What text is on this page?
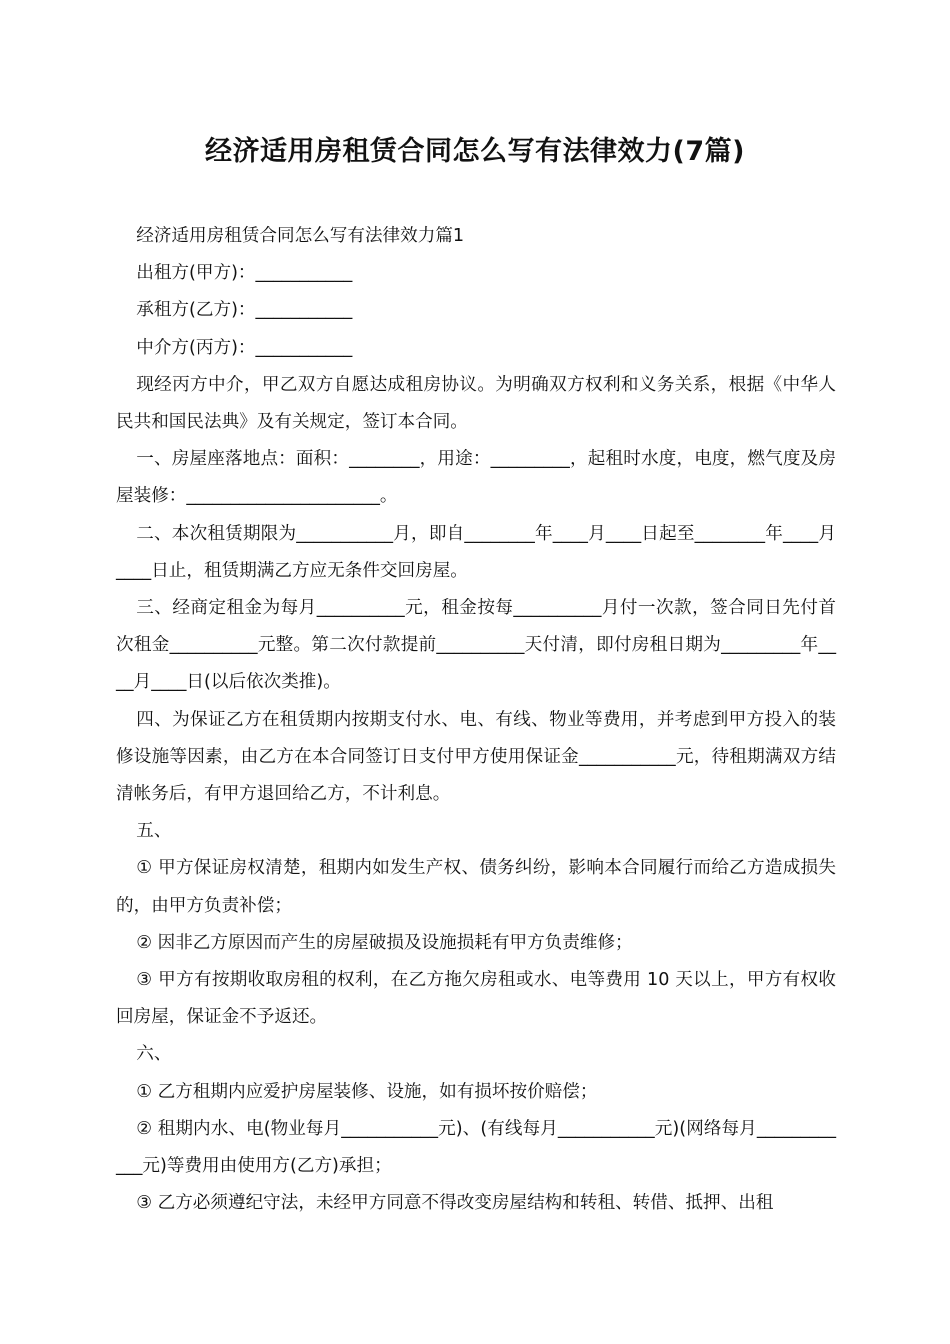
经济适用房租赁合同怎么写有法律效力(7篇)

经济适用房租赁合同怎么写有法律效力篇1

出租方(甲方)：___________

承租方(乙方)：___________

中介方(丙方)：___________

现经丙方中介，甲乙双方自愿达成租房协议。为明确双方权利和义务关系，根据《中华人民共和国民法典》及有关规定，签订本合同。

一、房屋座落地点：面积：________，用途：_________，起租时水度，电度，燃气度及房屋装修：______________________。

二、本次租赁期限为___________月，即自________年____月____日起至________年____月____日止，租赁期满乙方应无条件交回房屋。

三、经商定租金为每月__________元，租金按每__________月付一次款，签合同日先付首次租金__________元整。第二次付款提前__________天付清，即付房租日期为_________年____月____日(以后依次类推)。

四、为保证乙方在租赁期内按期支付水、电、有线、物业等费用，并考虑到甲方投入的装修设施等因素，由乙方在本合同签订日支付甲方使用保证金___________元，待租期满双方结清帐务后，有甲方退回给乙方，不计利息。

五、

① 甲方保证房权清楚，租期内如发生产权、债务纠纷，影响本合同履行而给乙方造成损失的，由甲方负责补偿；

② 因非乙方原因而产生的房屋破损及设施损耗有甲方负责维修；

③ 甲方有按期收取房租的权利，在乙方拖欠房租或水、电等费用 10 天以上，甲方有权收回房屋，保证金不予返还。

六、

① 乙方租期内应爱护房屋装修、设施，如有损坏按价赔偿；

② 租期内水、电(物业每月___________元)、(有线每月___________元)(网络每月____________元)等费用由使用方(乙方)承担；

③ 乙方必须遵纪守法，未经甲方同意不得改变房屋结构和转租、转借、抵押、出租
